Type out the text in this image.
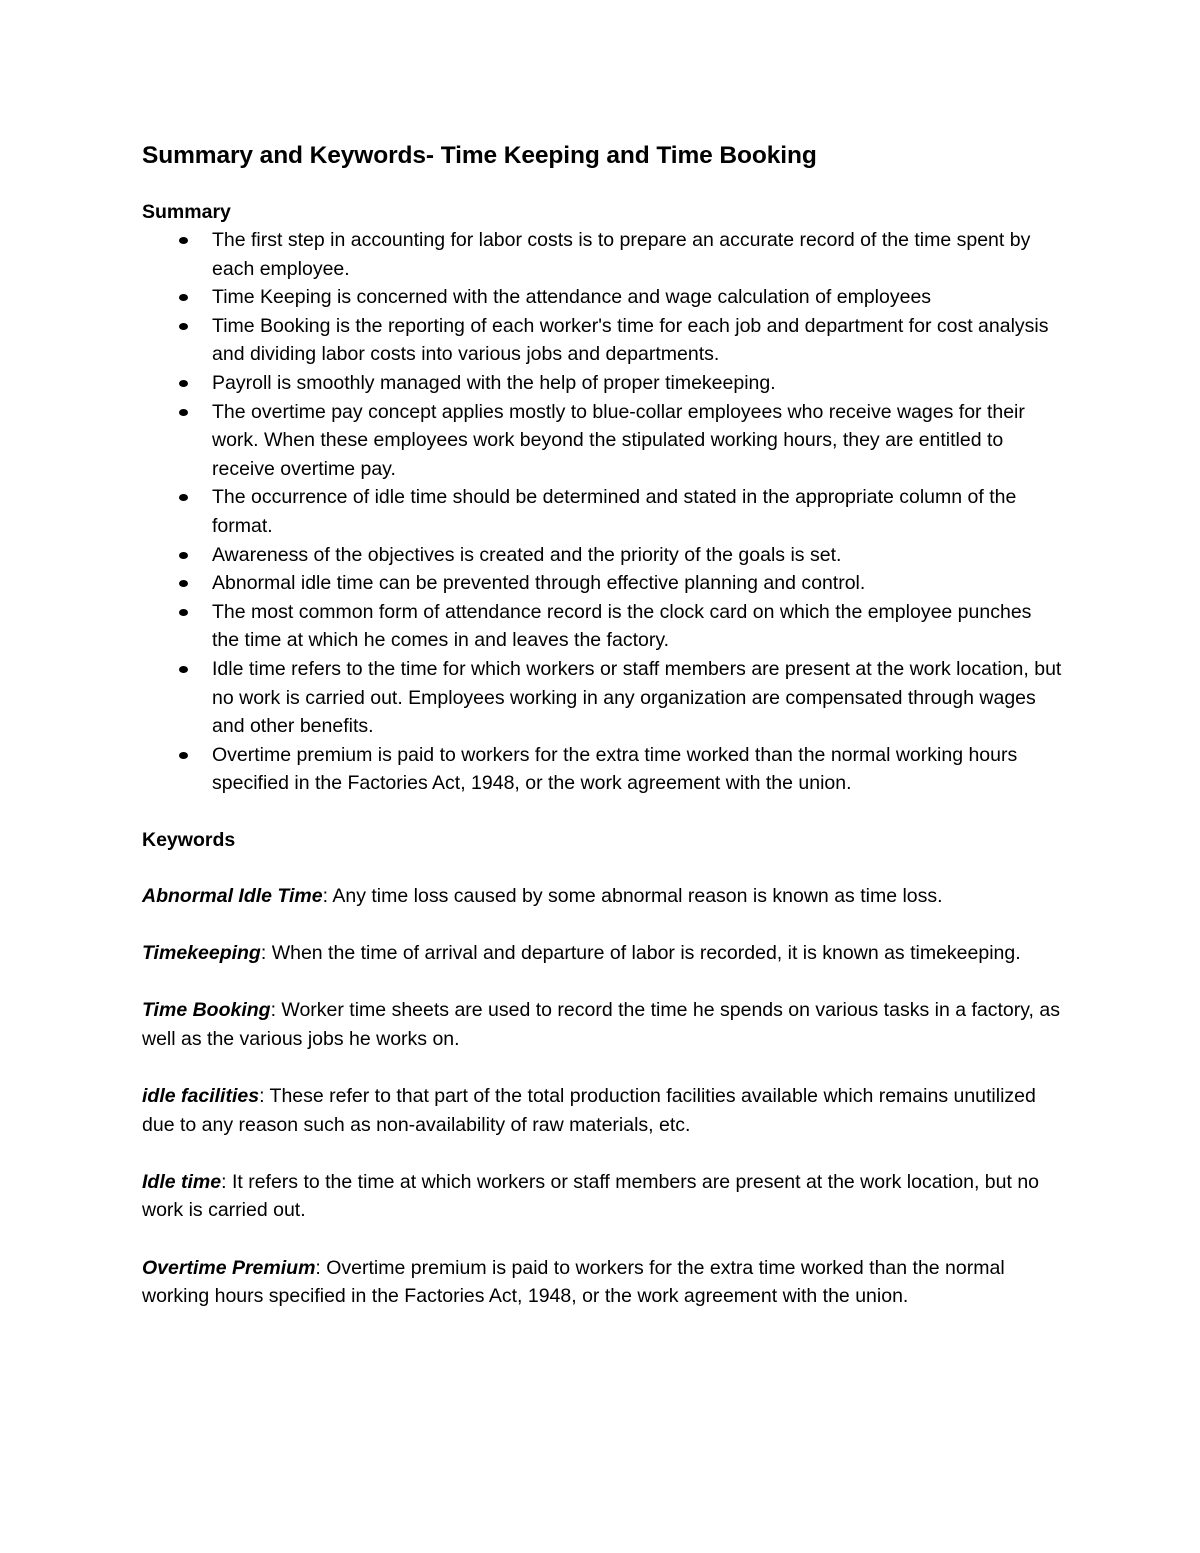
Summary and Keywords- Time Keeping and Time Booking
Summary
The first step in accounting for labor costs is to prepare an accurate record of the time spent by each employee.
Time Keeping is concerned with the attendance and wage calculation of employees
Time Booking is the reporting of each worker's time for each job and department for cost analysis and dividing labor costs into various jobs and departments.
Payroll is smoothly managed with the help of proper timekeeping.
The overtime pay concept applies mostly to blue-collar employees who receive wages for their work. When these employees work beyond the stipulated working hours, they are entitled to receive overtime pay.
The occurrence of idle time should be determined and stated in the appropriate column of the format.
Awareness of the objectives is created and the priority of the goals is set.
Abnormal idle time can be prevented through effective planning and control.
The most common form of attendance record is the clock card on which the employee punches the time at which he comes in and leaves the factory.
Idle time refers to the time for which workers or staff members are present at the work location, but no work is carried out. Employees working in any organization are compensated through wages and other benefits.
Overtime premium is paid to workers for the extra time worked than the normal working hours specified in the Factories Act, 1948, or the work agreement with the union.
Keywords

Abnormal Idle Time: Any time loss caused by some abnormal reason is known as time loss.

Timekeeping: When the time of arrival and departure of labor is recorded, it is known as timekeeping.

Time Booking: Worker time sheets are used to record the time he spends on various tasks in a factory, as well as the various jobs he works on.

idle facilities: These refer to that part of the total production facilities available which remains unutilized due to any reason such as non-availability of raw materials, etc.

Idle time: It refers to the time at which workers or staff members are present at the work location, but no work is carried out.

Overtime Premium: Overtime premium is paid to workers for the extra time worked than the normal working hours specified in the Factories Act, 1948, or the work agreement with the union.
